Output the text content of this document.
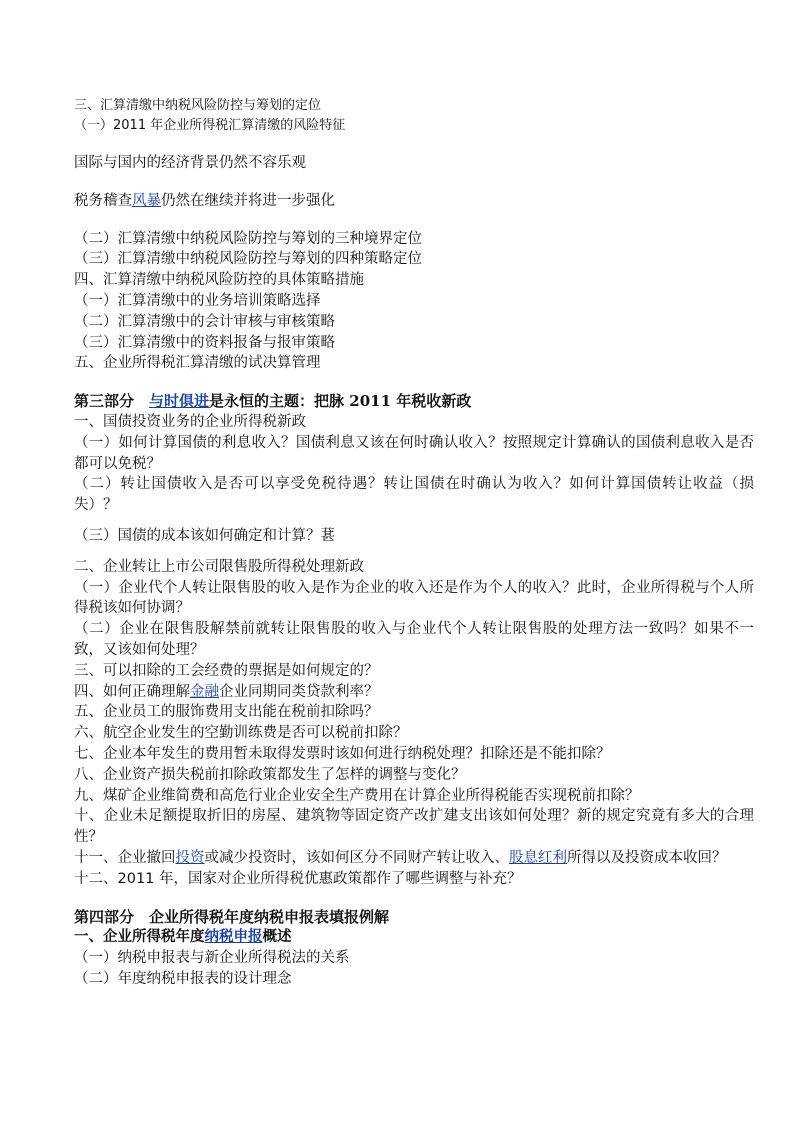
三、汇算清缴中纳税风险防控与筹划的定位

（一）2011 年企业所得税汇算清缴的风险特征

国际与国内的经济背景仍然不容乐观

税务稽查风暴仍然在继续并将进一步强化

（二）汇算清缴中纳税风险防控与筹划的三种境界定位

（三）汇算清缴中纳税风险防控与筹划的四种策略定位

四、汇算清缴中纳税风险防控的具体策略措施

（一）汇算清缴中的业务培训策略选择

（二）汇算清缴中的会计审核与审核策略

（三）汇算清缴中的资料报备与报审策略

五、企业所得税汇算清缴的试决算管理

第三部分　与时俱进是永恒的主题：把脉 2011 年税收新政

一、国债投资业务的企业所得税新政

（一）如何计算国债的利息收入？国债利息又该在何时确认收入？按照规定计算确认的国债利息收入是否都可以免税？

（二）转让国债收入是否可以享受免税待遇？转让国债在时确认为收入？如何计算国债转让收益（损失）？

（三）国债的成本该如何确定和计算？葚

二、企业转让上市公司限售股所得税处理新政

（一）企业代个人转让限售股的收入是作为企业的收入还是作为个人的收入？此时，企业所得税与个人所得税该如何协调？

（二）企业在限售股解禁前就转让限售股的收入与企业代个人转让限售股的处理方法一致吗？如果不一致，又该如何处理？

三、可以扣除的工会经费的票据是如何规定的？

四、如何正确理解金融企业同期同类贷款利率？

五、企业员工的服饰费用支出能在税前扣除吗？

六、航空企业发生的空勤训练费是否可以税前扣除？

七、企业本年发生的费用暂未取得发票时该如何进行纳税处理？扣除还是不能扣除？

八、企业资产损失税前扣除政策都发生了怎样的调整与变化？

九、煤矿企业维简费和高危行业企业安全生产费用在计算企业所得税能否实现税前扣除？

十、企业未足额提取折旧的房屋、建筑物等固定资产改扩建支出该如何处理？新的规定究竟有多大的合理性？

十一、企业撤回投资或减少投资时，该如何区分不同财产转让收入、股息红利所得以及投资成本收回？

十二、2011 年，国家对企业所得税优惠政策都作了哪些调整与补充？

第四部分　企业所得税年度纳税申报表填报例解

一、企业所得税年度纳税申报概述

（一）纳税申报表与新企业所得税法的关系

（二）年度纳税申报表的设计理念
